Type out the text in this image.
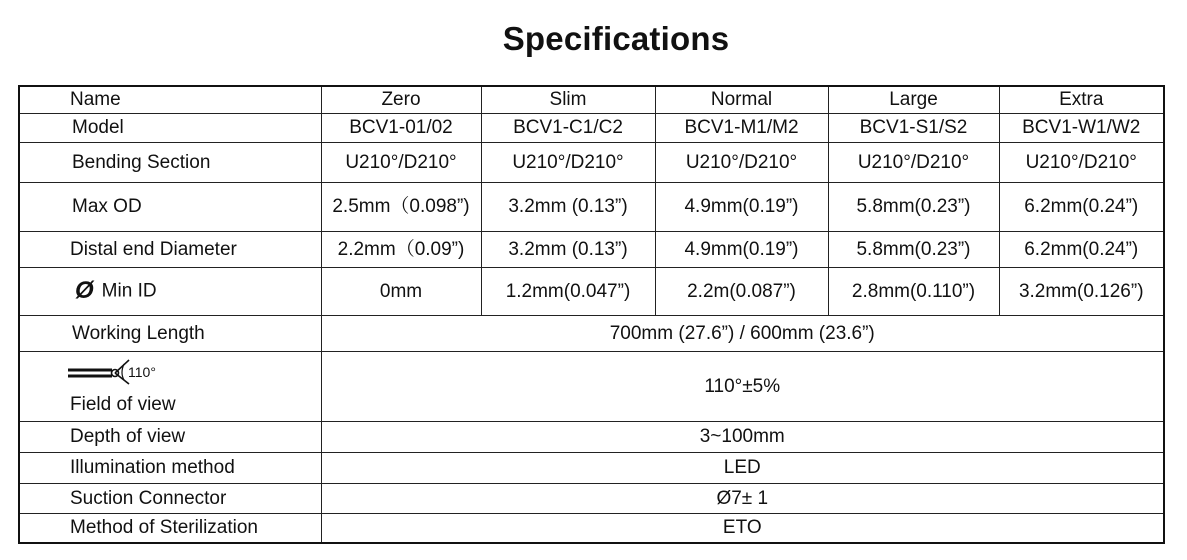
Specifications
Name	Zero	Slim	Normal	Large	Extra
Model	BCV1-01/02	BCV1-C1/C2	BCV1-M1/M2	BCV1-S1/S2	BCV1-W1/W2
Bending Section	U210°/D210°	U210°/D210°	U210°/D210°	U210°/D210°	U210°/D210°
Max OD	2.5mm（0.098”)	3.2mm (0.13”)	4.9mm(0.19”)	5.8mm(0.23”)	6.2mm(0.24”)
Distal end Diameter	2.2mm（0.09”)	3.2mm (0.13”)	4.9mm(0.19”)	5.8mm(0.23”)	6.2mm(0.24”)
Ø Min ID	0mm	1.2mm(0.047”)	2.2m(0.087”)	2.8mm(0.110”)	3.2mm(0.126”)
Working Length	700mm (27.6”) / 600mm (23.6”)				

110°
Field of view	110°±5%				
Depth of view	3~100mm				
Illumination method	LED				
Suction Connector	Ø7± 1				
Method of Sterilization	ETO				
